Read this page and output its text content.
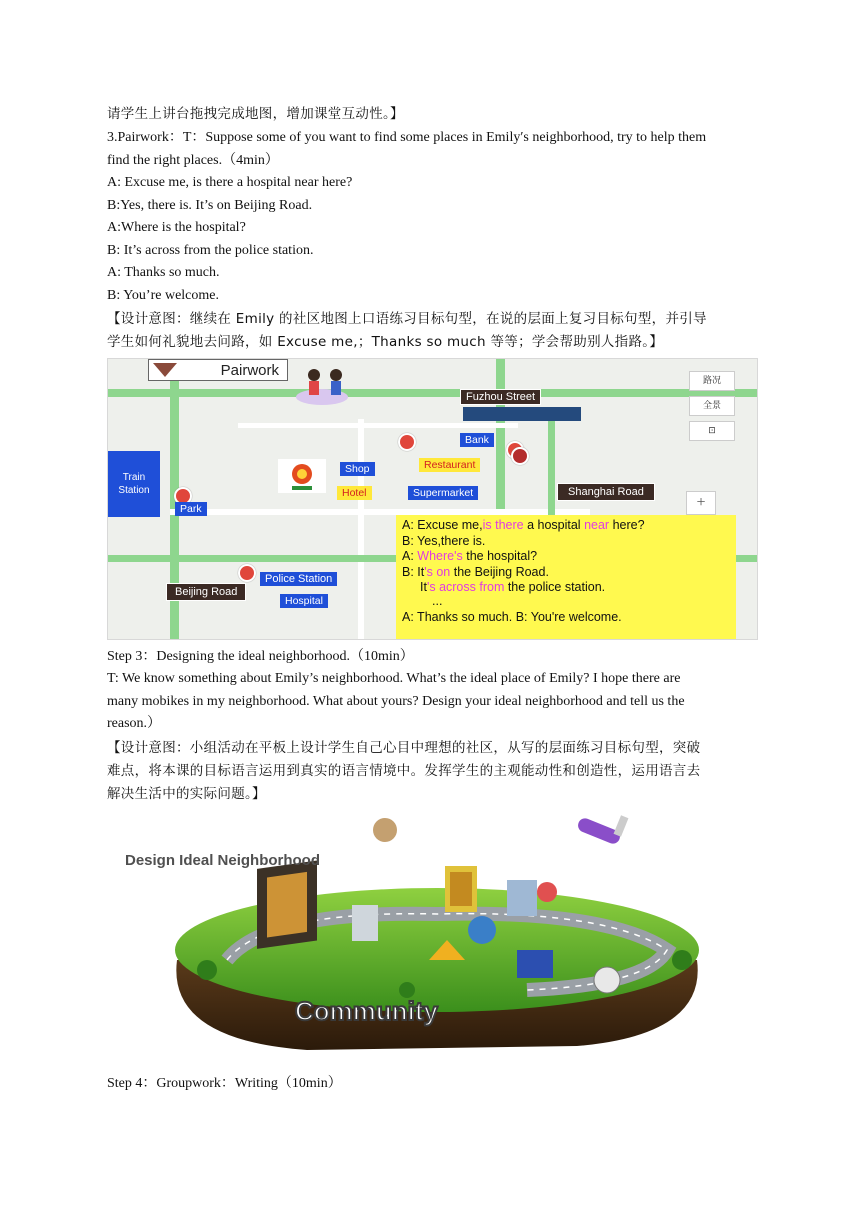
请学生上讲台拖拽完成地图，增加课堂互动性。】
3.Pairwork：T：Suppose some of you want to find some places in Emily′s neighborhood, try to help them
find the right places.（4min）
A: Excuse me, is there a hospital near here?
B:Yes, there is. It’s on Beijing Road.
A:Where is the hospital?
B: It’s across from the police station.
A: Thanks so much.
B: You’re welcome.
【设计意图：继续在 Emily 的社区地图上口语练习目标句型，在说的层面上复习目标句型，并引导
学生如何礼貌地去问路，如 Excuse me,；Thanks so much 等等；学会帮助别人指路。】
Pairwork
Fuzhou Street
Bank
Restaurant
Shop
Hotel	Supermarket	Shanghai Road
Train
Station
Park
Police Station
Beijing Road
Hospital
路况
全景
⊡
+
A: Excuse me,is there a hospital near here?
B: Yes,there is.
A: Where's the hospital?
B: It's on the Beijing Road.
It's across from the police station.
...
A: Thanks so much. B: You're welcome.
Step 3：Designing the ideal neighborhood.（10min）
T: We know something about Emily’s neighborhood. What’s the ideal place of Emily? I hope there are
many mobikes in my neighborhood. What about yours? Design your ideal neighborhood and tell us the
reason.）
【设计意图：小组活动在平板上设计学生自己心目中理想的社区，从写的层面练习目标句型，突破
难点，将本课的目标语言运用到真实的语言情境中。发挥学生的主观能动性和创造性，运用语言去
解决生活中的实际问题。】
Design Ideal Neighborhood
Community
Step 4：Groupwork：Writing（10min）
